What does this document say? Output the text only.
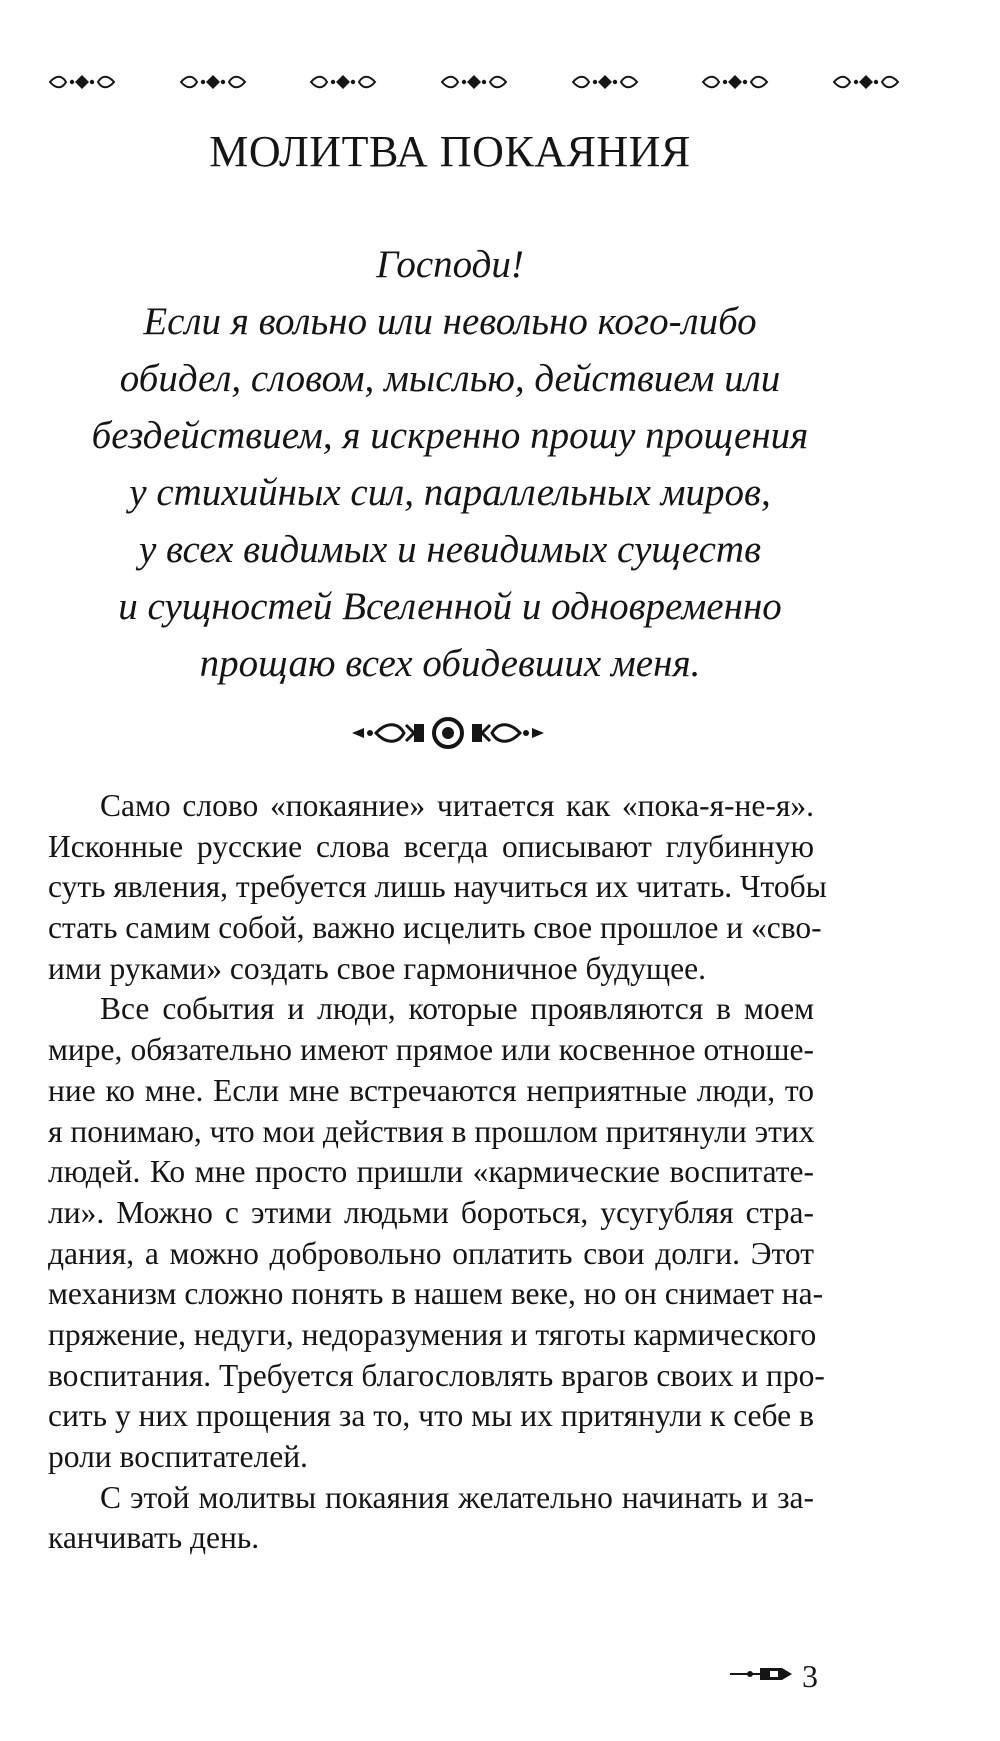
МОЛИТВА ПОКАЯНИЯ
Господи!
Если я вольно или невольно кого-либо
обидел, словом, мыслью, действием или
бездействием, я искренно прошу прощения
у стихийных сил, параллельных миров,
у всех видимых и невидимых существ
и сущностей Вселенной и одновременно
прощаю всех обидевших меня.
Само слово «покаяние» читается как «пока-я-не-я».
Исконные русские слова всегда описывают глубинную
суть явления, требуется лишь научиться их читать. Чтобы
стать самим собой, важно исцелить свое прошлое и «сво-
ими руками» создать свое гармоничное будущее.
Все события и люди, которые проявляются в моем
мире, обязательно имеют прямое или косвенное отноше-
ние ко мне. Если мне встречаются неприятные люди, то
я понимаю, что мои действия в прошлом притянули этих
людей. Ко мне просто пришли «кармические воспитате-
ли». Можно с этими людьми бороться, усугубляя стра-
дания, а можно добровольно оплатить свои долги. Этот
механизм сложно понять в нашем веке, но он снимает на-
пряжение, недуги, недоразумения и тяготы кармического
воспитания. Требуется благословлять врагов своих и про-
сить у них прощения за то, что мы их притянули к себе в
роли воспитателей.
С этой молитвы покаяния желательно начинать и за-
канчивать день.
3
